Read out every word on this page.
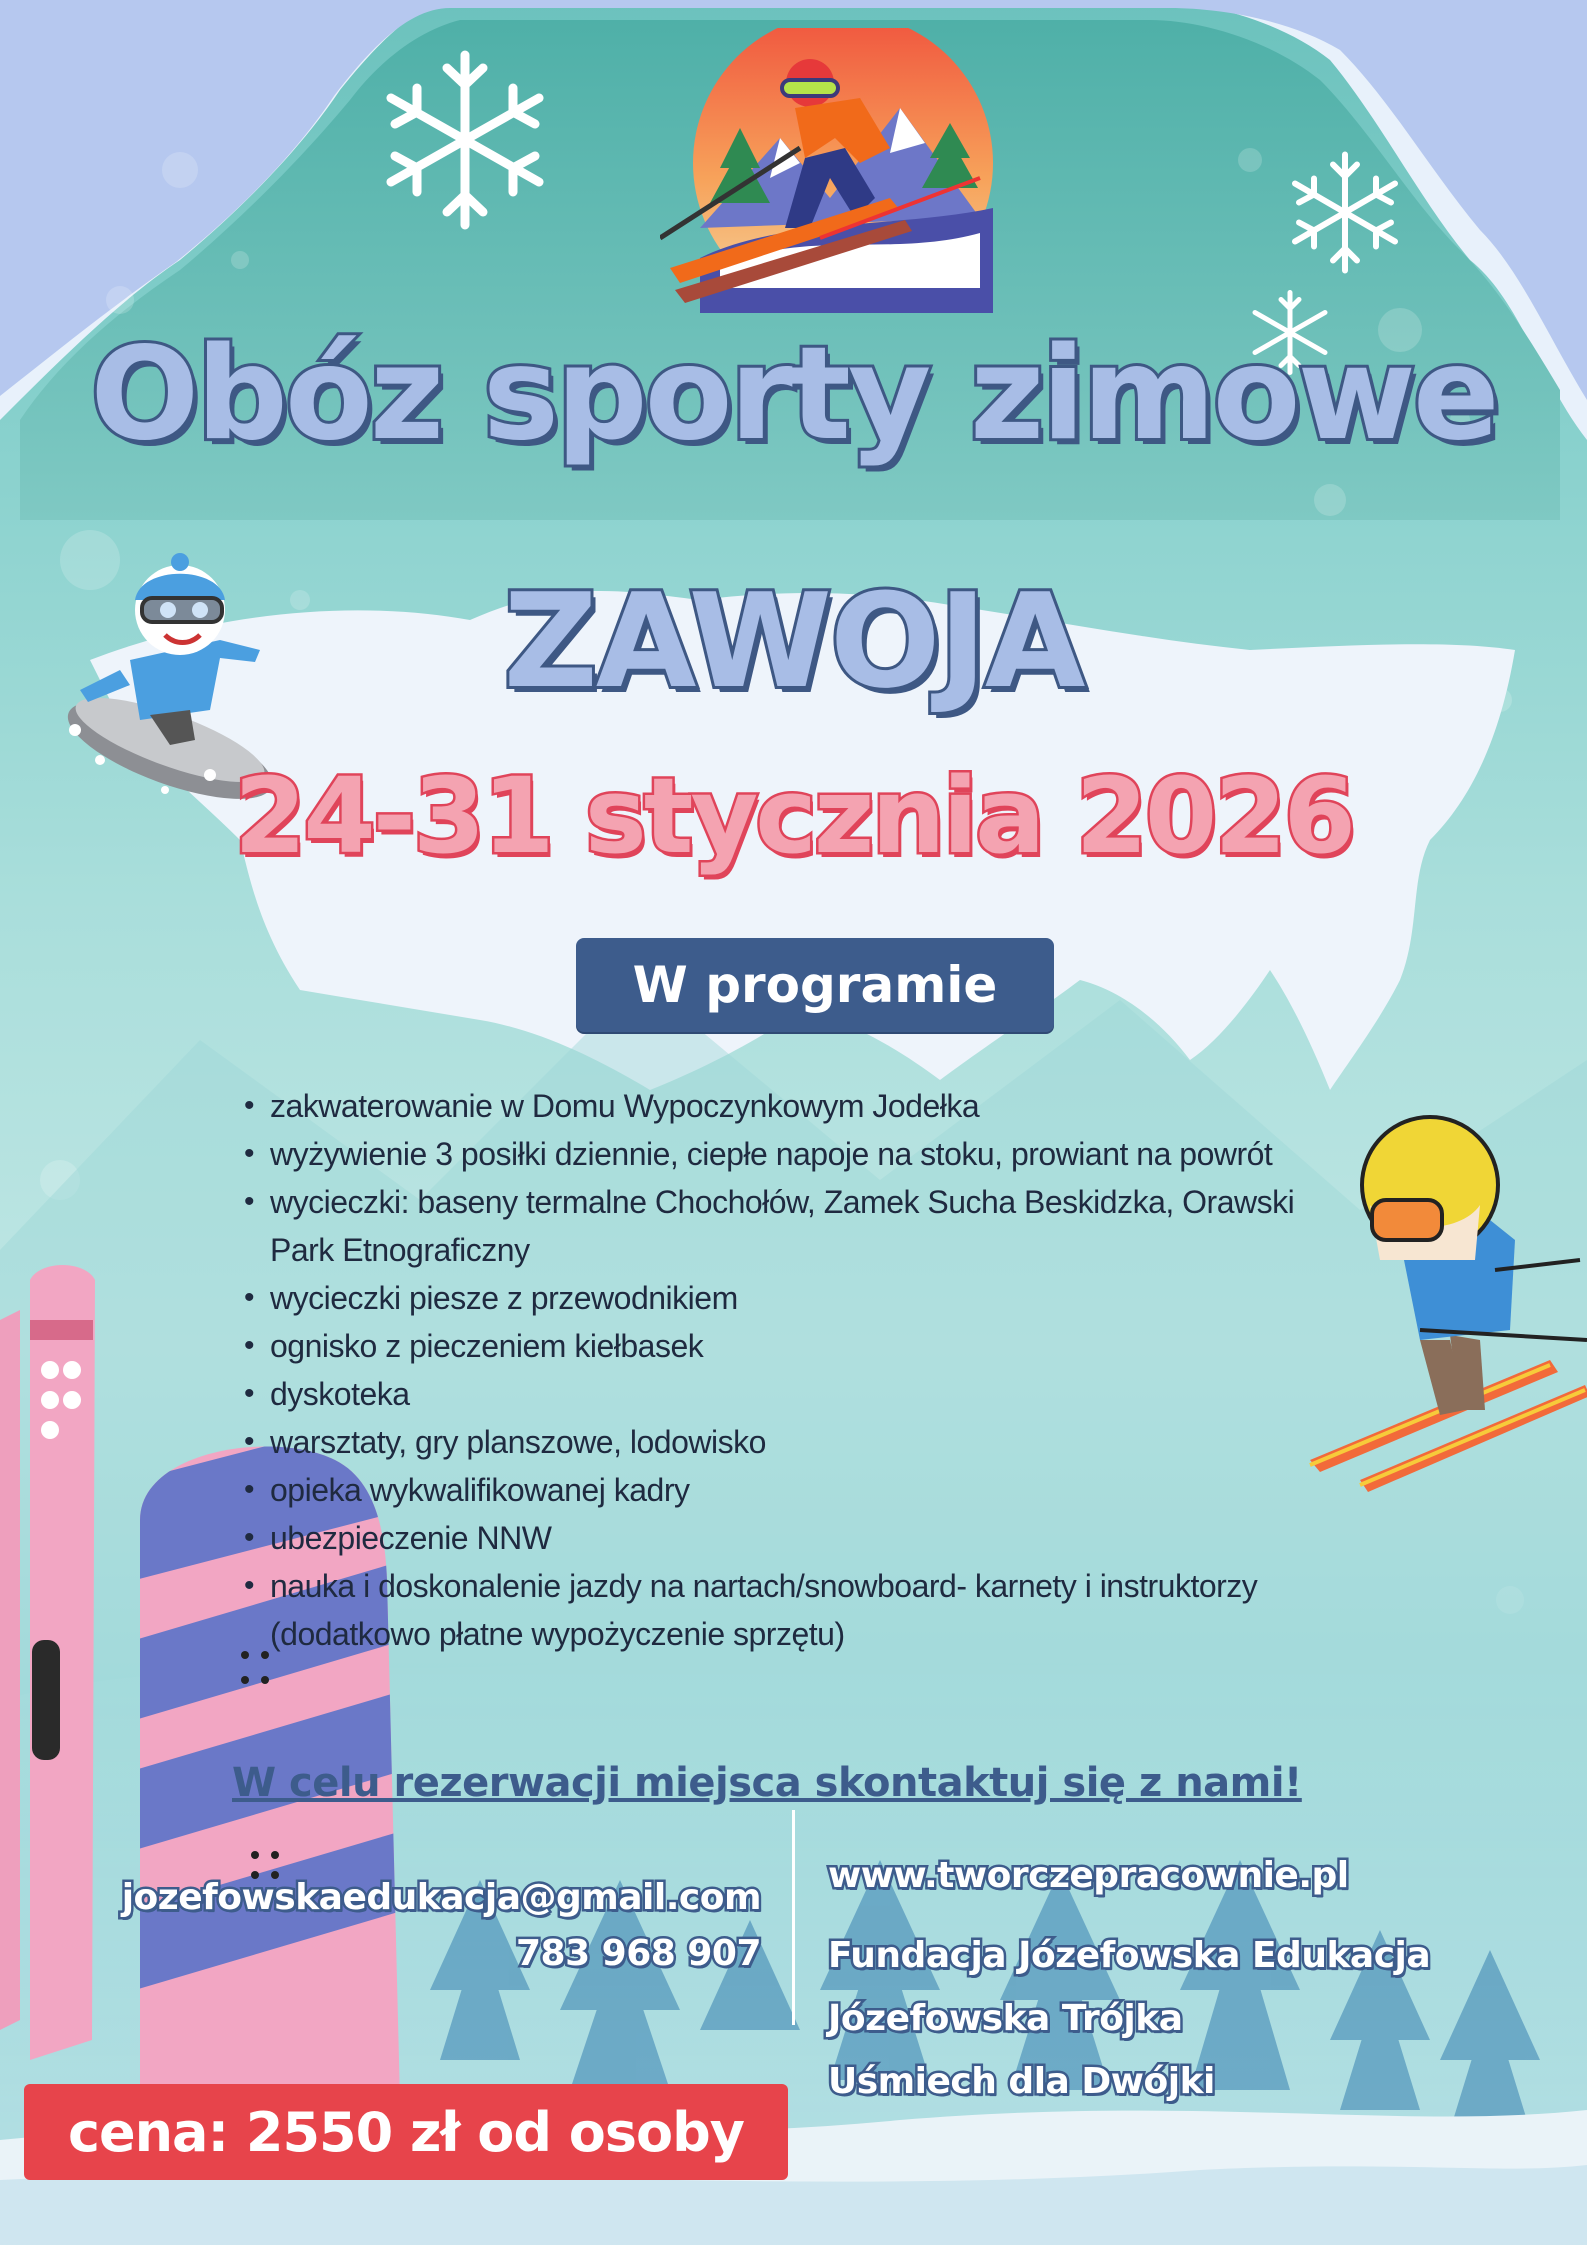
Obóz sporty zimowe
ZAWOJA
24-31 stycznia 2026
W programie
• zakwaterowanie w Domu Wypoczynkowym Jodełka
• wyżywienie 3 posiłki dziennie, ciepłe napoje na stoku, prowiant na powrót
• wycieczki: baseny termalne Chochołów, Zamek Sucha Beskidzka, Orawski Park Etnograficzny
• wycieczki piesze z przewodnikiem
• ognisko z pieczeniem kiełbasek
• dyskoteka
• warsztaty, gry planszowe, lodowisko
• opieka wykwalifikowanej kadry
• ubezpieczenie NNW
• nauka i doskonalenie jazdy na nartach/snowboard- karnety i instruktorzy (dodatkowo płatne wypożyczenie sprzętu)
W celu rezerwacji miejsca skontaktuj się z nami!
jozefowskaedukacja@gmail.com
783 968 907
www.tworczepracownie.pl
Fundacja Józefowska Edukacja
Józefowska Trójka
Uśmiech dla Dwójki
cena: 2550 zł od osoby
